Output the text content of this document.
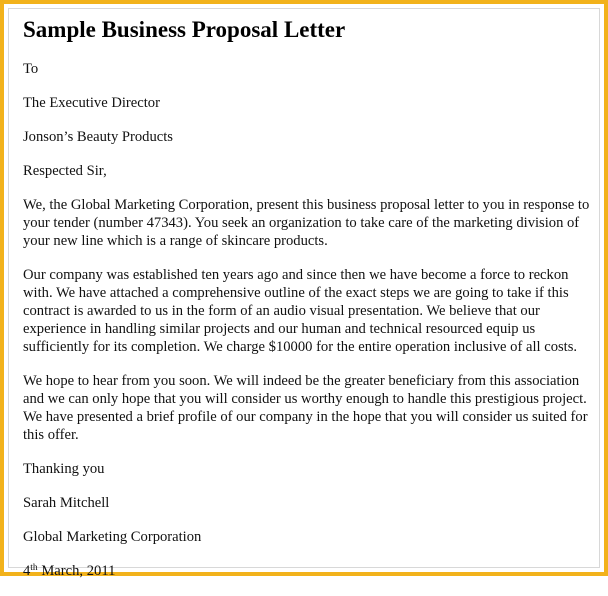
Sample Business Proposal Letter
To
The Executive Director
Jonson’s Beauty Products
Respected Sir,
We, the Global Marketing Corporation, present this business proposal letter to you in response to
your tender (number 47343). You seek an organization to take care of the marketing division of
your new line which is a range of skincare products.
Our company was established ten years ago and since then we have become a force to reckon
with. We have attached a comprehensive outline of the exact steps we are going to take if this
contract is awarded to us in the form of an audio visual presentation. We believe that our
experience in handling similar projects and our human and technical resourced equip us
sufficiently for its completion. We charge $10000 for the entire operation inclusive of all costs.
We hope to hear from you soon. We will indeed be the greater beneficiary from this association
and we can only hope that you will consider us worthy enough to handle this prestigious project.
We have presented a brief profile of our company in the hope that you will consider us suited for
this offer.
Thanking you
Sarah Mitchell
Global Marketing Corporation
4th March, 2011
